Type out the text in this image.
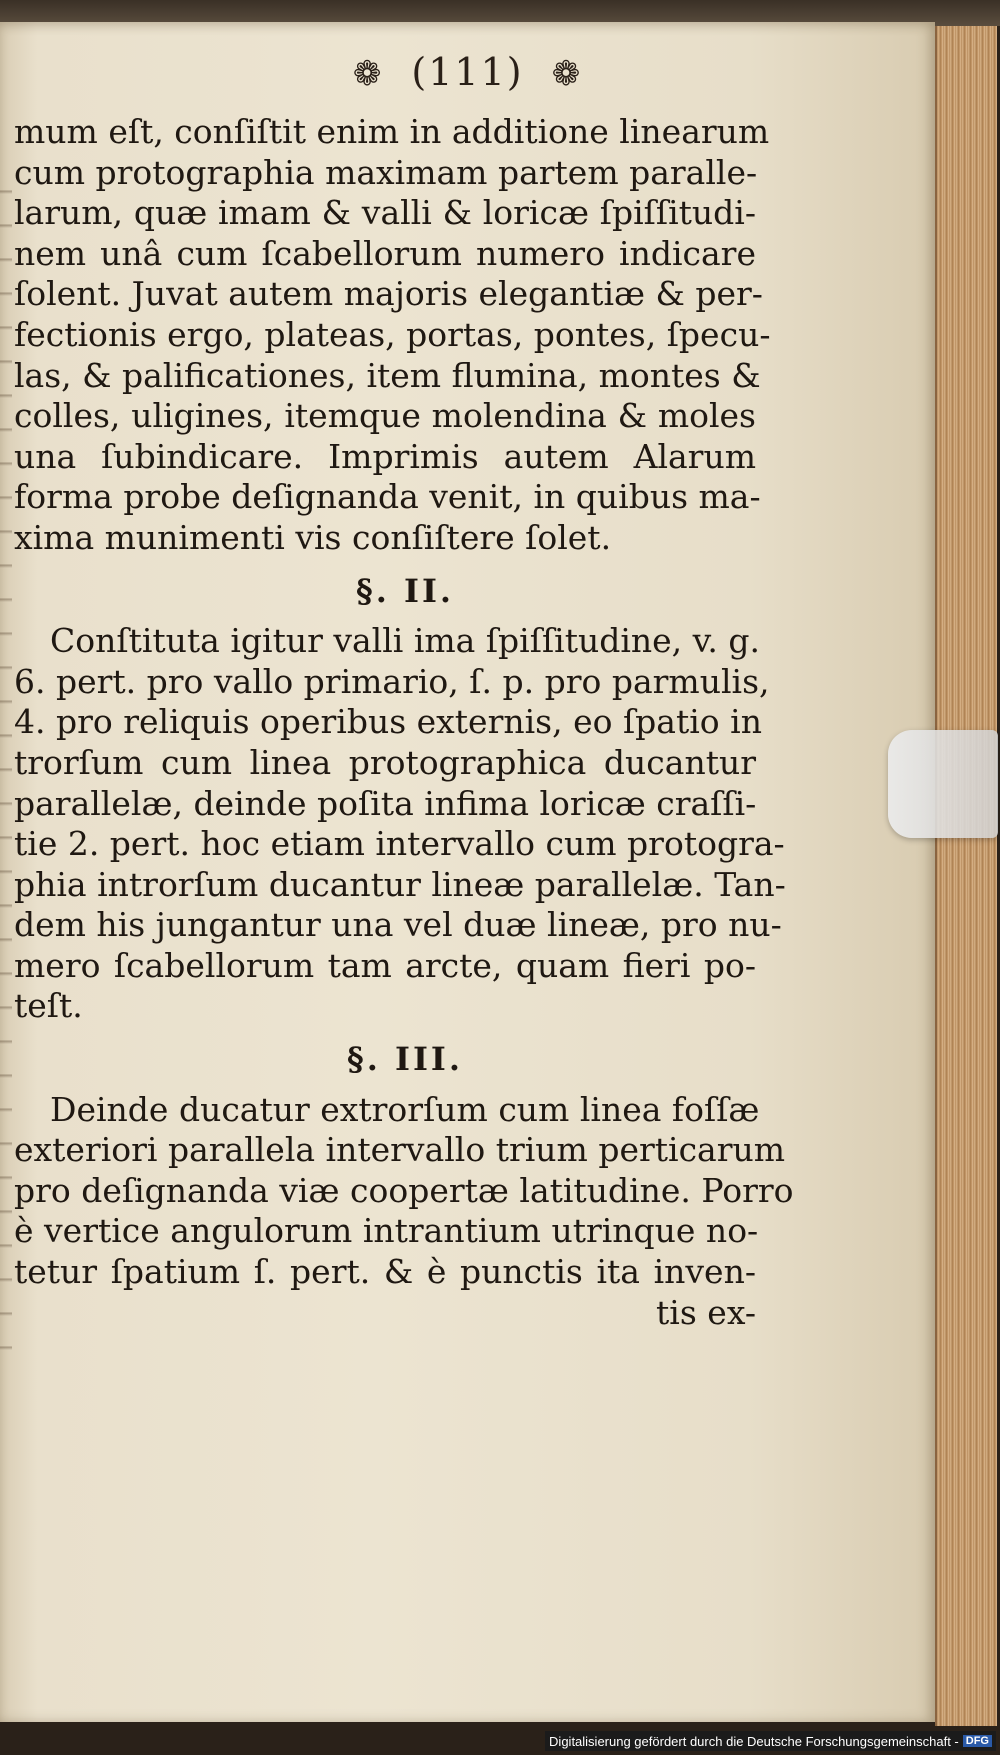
❁ (111) ❁
mum eſt, conſiſtit enim in additione linearum
cum protographia maximam partem paralle-
larum, quæ imam & valli & loricæ ſpiſſitudi-
nem unâ cum ſcabellorum numero indicare
ſolent. Juvat autem majoris elegantiæ & per-
fectionis ergo, plateas, portas, pontes, ſpecu-
las, & palificationes, item flumina, montes &
colles, uligines, itemque molendina & moles
una ſubindicare. Imprimis autem Alarum
forma probe deſignanda venit, in quibus ma-
xima munimenti vis conſiſtere ſolet.
§. II.
Conſtituta igitur valli ima ſpiſſitudine, v. g.
6. pert. pro vallo primario, ſ. p. pro parmulis,
4. pro reliquis operibus externis, eo ſpatio in
trorſum cum linea protographica ducantur
parallelæ, deinde poſita infima loricæ craſſi-
tie 2. pert. hoc etiam intervallo cum protogra-
phia introrſum ducantur lineæ parallelæ. Tan-
dem his jungantur una vel duæ lineæ, pro nu-
mero ſcabellorum tam arcte, quam fieri po-
teſt.
§. III.
Deinde ducatur extrorſum cum linea foſſæ
exteriori parallela intervallo trium perticarum
pro deſignanda viæ coopertæ latitudine. Porro
è vertice angulorum intrantium utrinque no-
tetur ſpatium ſ. pert. & è punctis ita inven-
tis ex-
Digitalisierung gefördert durch die Deutsche Forschungsgemeinschaft - DFG
